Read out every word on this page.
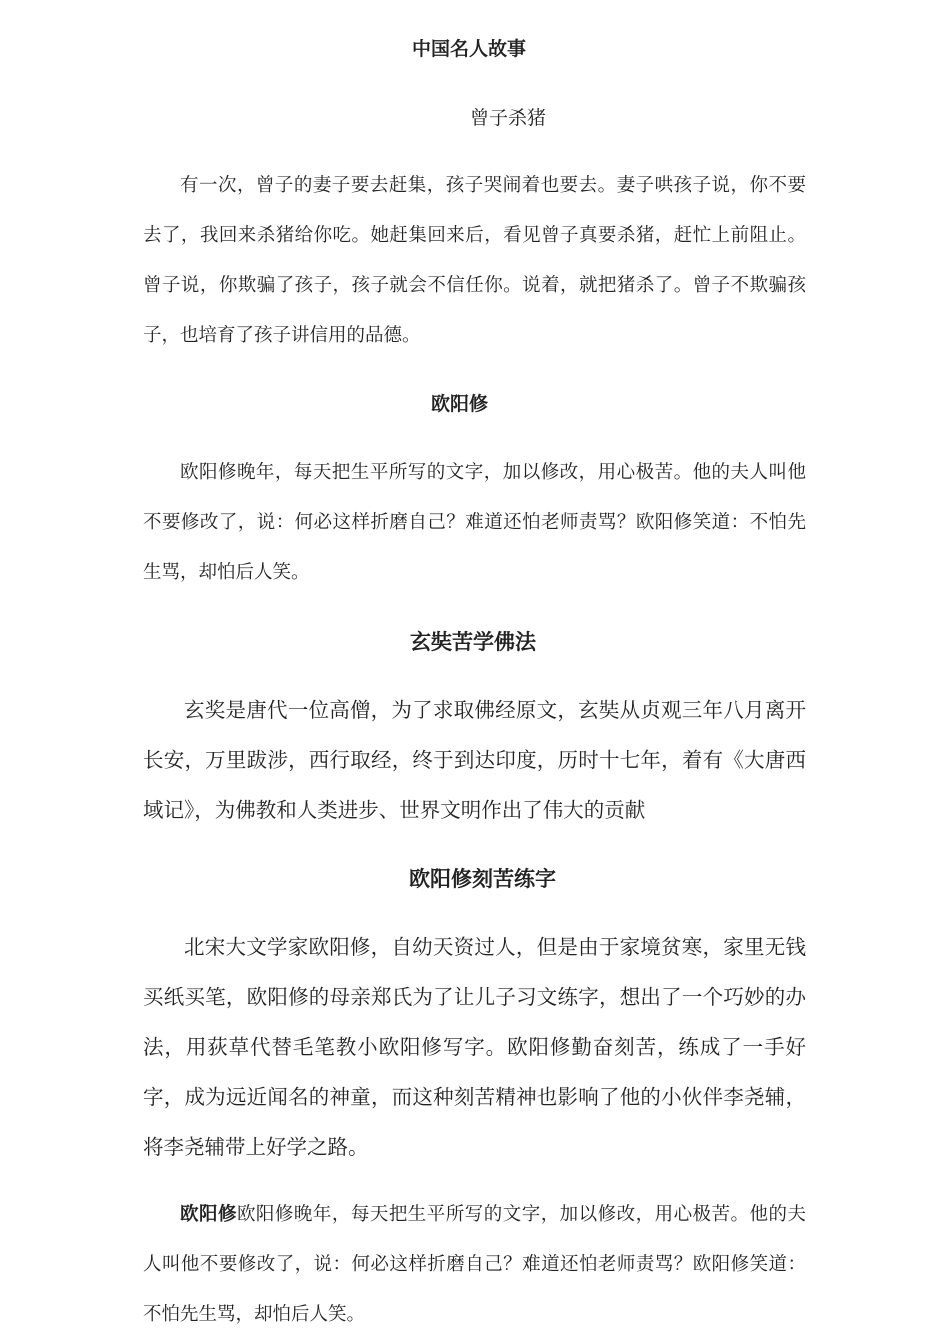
中国名人故事
曾子杀猪

有一次，曾子的妻子要去赶集，孩子哭闹着也要去。妻子哄孩子说，你不要去了，我回来杀猪给你吃。她赶集回来后，看见曾子真要杀猪，赶忙上前阻止。曾子说，你欺骗了孩子，孩子就会不信任你。说着，就把猪杀了。曾子不欺骗孩子，也培育了孩子讲信用的品德。

欧阳修

欧阳修晚年，每天把生平所写的文字，加以修改，用心极苦。他的夫人叫他不要修改了，说：何必这样折磨自己？难道还怕老师责骂？欧阳修笑道：不怕先生骂，却怕后人笑。

玄奘苦学佛法

玄奖是唐代一位高僧，为了求取佛经原文，玄奘从贞观三年八月离开长安，万里跋涉，西行取经，终于到达印度，历时十七年，着有《大唐西域记》，为佛教和人类进步、世界文明作出了伟大的贡献

欧阳修刻苦练字

北宋大文学家欧阳修，自幼天资过人，但是由于家境贫寒，家里无钱买纸买笔，欧阳修的母亲郑氏为了让儿子习文练字，想出了一个巧妙的办法，用荻草代替毛笔教小欧阳修写字。欧阳修勤奋刻苦，练成了一手好字，成为远近闻名的神童，而这种刻苦精神也影响了他的小伙伴李尧辅，将李尧辅带上好学之路。

欧阳修欧阳修晚年，每天把生平所写的文字，加以修改，用心极苦。他的夫人叫他不要修改了，说：何必这样折磨自己？难道还怕老师责骂？欧阳修笑道：不怕先生骂，却怕后人笑。
